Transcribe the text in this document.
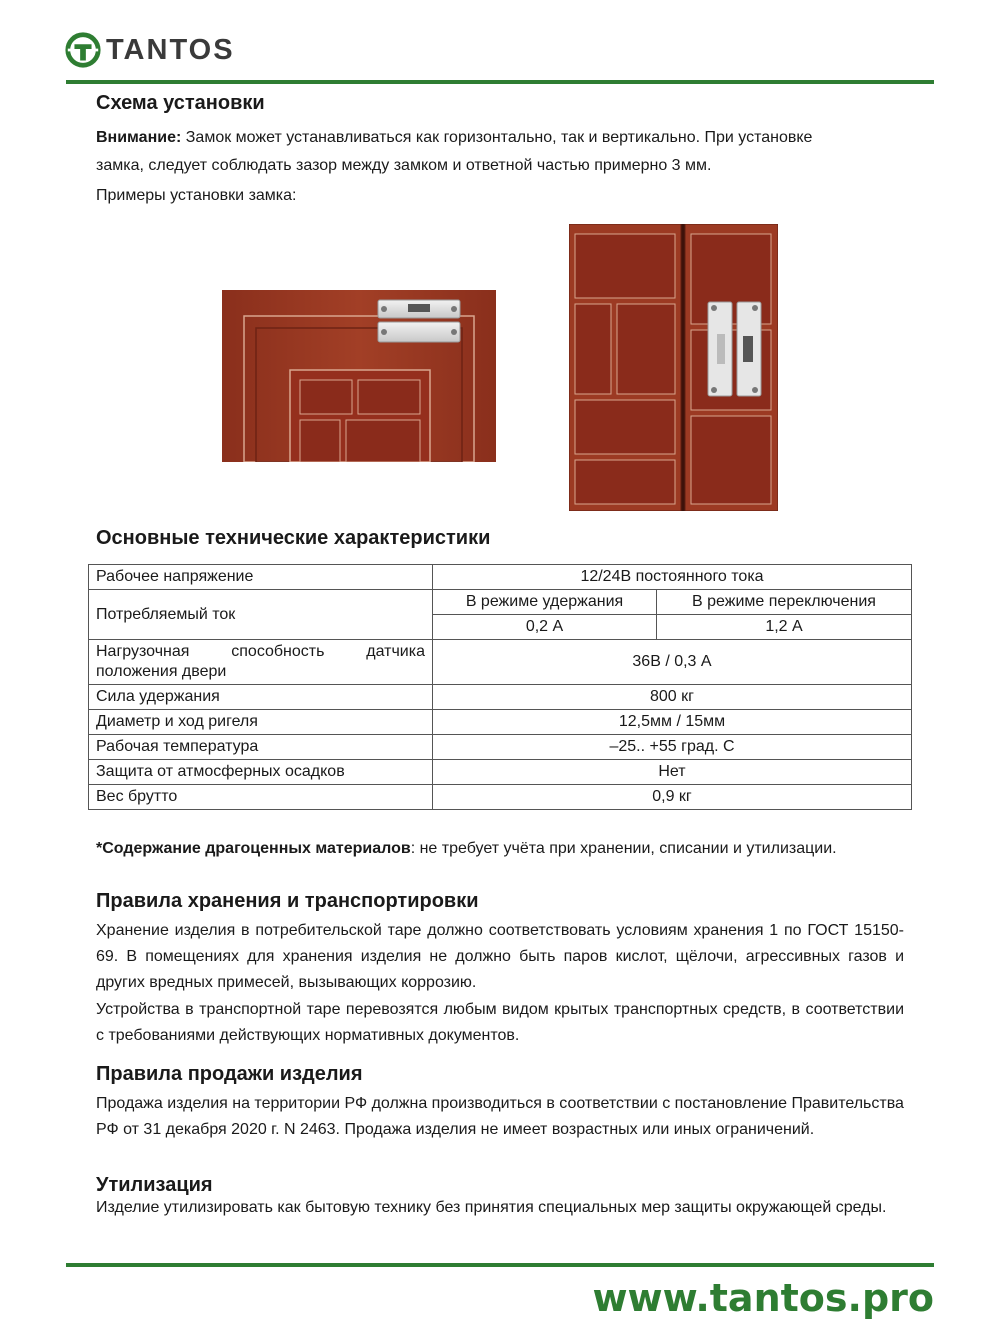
TANTOS
Схема установки

Внимание: Замок может устанавливаться как горизонтально, так и вертикально. При установке

замка, следует соблюдать зазор между замком и ответной частью примерно 3 мм.

Примеры установки замка:

Основные технические характеристики
Рабочее напряжение	12/24В постоянного тока	
Потребляемый ток	В режиме удержания	В режиме переключения
	0,2 А	1,2 А
Нагрузочная способность датчика положения двери	36В / 0,3 А	
Сила удержания	800 кг	
Диаметр и ход ригеля	12,5мм / 15мм	
Рабочая температура	–25.. +55 град. С	
Защита от атмосферных осадков	Нет	
Вес брутто	0,9 кг	

*Содержание драгоценных материалов: не требует учёта при хранении, списании и утилизации.

Правила хранения и транспортировки

Хранение изделия в потребительской таре должно соответствовать условиям хранения 1 по ГОСТ 15150-69. В помещениях для хранения изделия не должно быть паров кислот, щёлочи, агрессивных газов и других вредных примесей, вызывающих коррозию.

Устройства в транспортной таре перевозятся любым видом крытых транспортных средств, в соответствии с требованиями действующих нормативных документов.

Правила продажи изделия

Продажа изделия на территории РФ должна производиться в соответствии с постановление Правительства РФ от 31 декабря 2020 г. N 2463. Продажа изделия не имеет возрастных или иных ограничений.

Утилизация

Изделие утилизировать как бытовую технику без принятия специальных мер защиты окружающей среды.

www.tantos.pro
